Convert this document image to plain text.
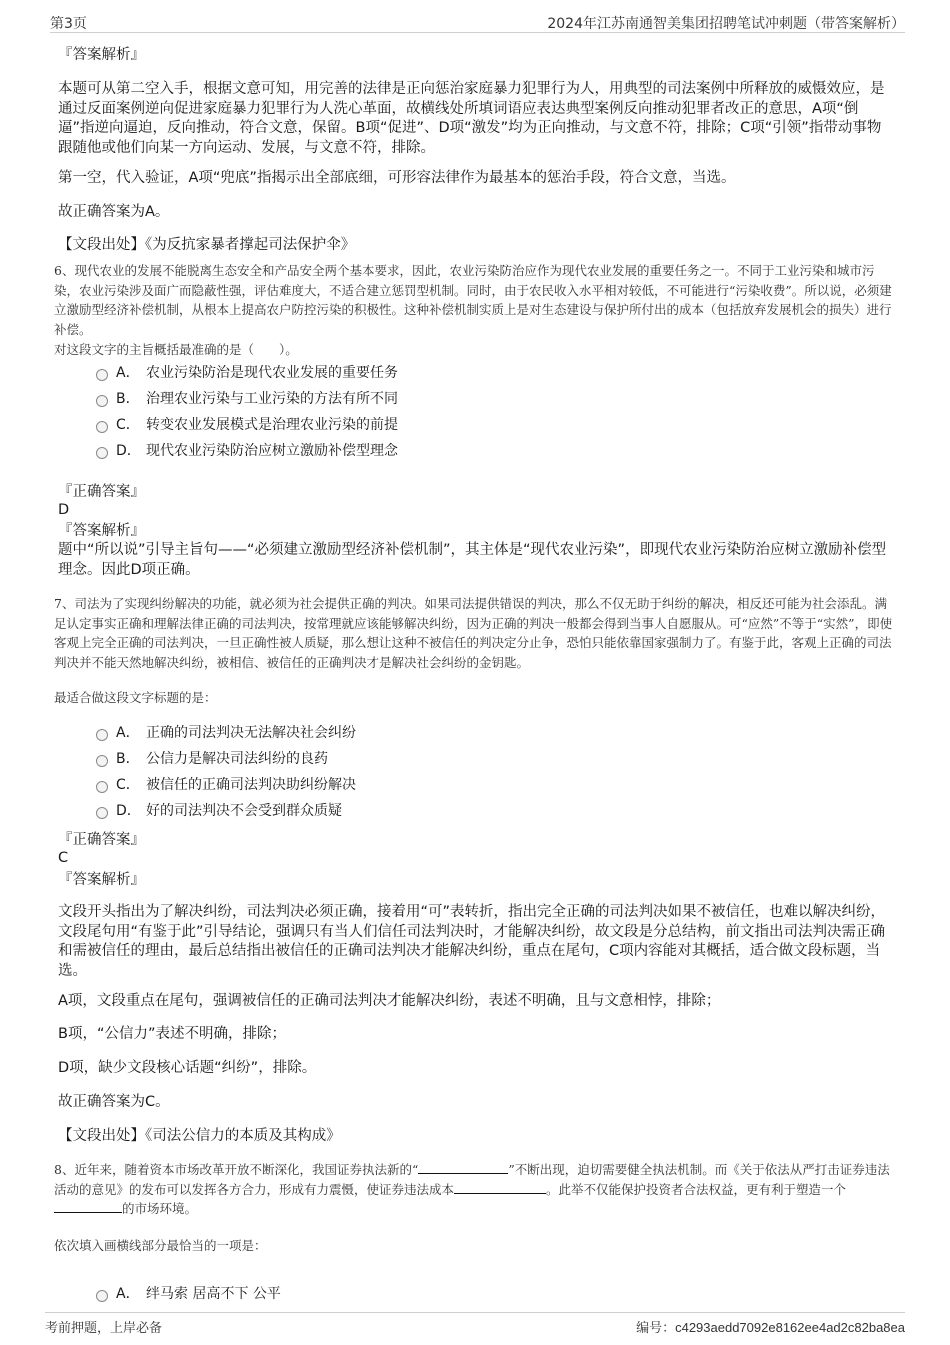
第3页	2024年江苏南通智美集团招聘笔试冲刺题（带答案解析）
『答案解析』
本题可从第二空入手，根据文意可知，用完善的法律是正向惩治家庭暴力犯罪行为人，用典型的司法案例中所释放的威慑效应，是通过反面案例逆向促进家庭暴力犯罪行为人洗心革面，故横线处所填词语应表达典型案例反向推动犯罪者改正的意思，A项“倒逼”指逆向逼迫，反向推动，符合文意，保留。B项“促进”、D项“激发”均为正向推动，与文意不符，排除；C项“引领”指带动事物跟随他或他们向某一方向运动、发展，与文意不符，排除。
第一空，代入验证，A项“兜底”指揭示出全部底细，可形容法律作为最基本的惩治手段，符合文意，当选。
故正确答案为A。
【文段出处】《为反抗家暴者撑起司法保护伞》
6、现代农业的发展不能脱离生态安全和产品安全两个基本要求，因此，农业污染防治应作为现代农业发展的重要任务之一。不同于工业污染和城市污染，农业污染涉及面广而隐蔽性强，评估难度大，不适合建立惩罚型机制。同时，由于农民收入水平相对较低，不可能进行“污染收费”。所以说，必须建立激励型经济补偿机制，从根本上提高农户防控污染的积极性。这种补偿机制实质上是对生态建设与保护所付出的成本（包括放弃发展机会的损失）进行补偿。
对这段文字的主旨概括最准确的是（　　）。
A． 农业污染防治是现代农业发展的重要任务
B． 治理农业污染与工业污染的方法有所不同
C． 转变农业发展模式是治理农业污染的前提
D． 现代农业污染防治应树立激励补偿型理念
『正确答案』
D
『答案解析』
题中“所以说”引导主旨句——“必须建立激励型经济补偿机制”，其主体是“现代农业污染”，即现代农业污染防治应树立激励补偿型理念。因此D项正确。
7、司法为了实现纠纷解决的功能，就必须为社会提供正确的判决。如果司法提供错误的判决，那么不仅无助于纠纷的解决，相反还可能为社会添乱。满足认定事实正确和理解法律正确的司法判决，按常理就应该能够解决纠纷，因为正确的判决一般都会得到当事人自愿服从。可“应然”不等于“实然”，即使客观上完全正确的司法判决，一旦正确性被人质疑，那么想让这种不被信任的判决定分止争，恐怕只能依靠国家强制力了。有鉴于此，客观上正确的司法判决并不能天然地解决纠纷，被相信、被信任的正确判决才是解决社会纠纷的金钥匙。
最适合做这段文字标题的是：
A． 正确的司法判决无法解决社会纠纷
B． 公信力是解决司法纠纷的良药
C． 被信任的正确司法判决助纠纷解决
D． 好的司法判决不会受到群众质疑
『正确答案』
C
『答案解析』
文段开头指出为了解决纠纷，司法判决必须正确，接着用“可”表转折，指出完全正确的司法判决如果不被信任，也难以解决纠纷，文段尾句用“有鉴于此”引导结论，强调只有当人们信任司法判决时，才能解决纠纷，故文段是分总结构，前文指出司法判决需正确和需被信任的理由，最后总结指出被信任的正确司法判决才能解决纠纷，重点在尾句，C项内容能对其概括，适合做文段标题，当选。
A项，文段重点在尾句，强调被信任的正确司法判决才能解决纠纷，表述不明确，且与文意相悖，排除；
B项，“公信力”表述不明确，排除；
D项，缺少文段核心话题“纠纷”，排除。
故正确答案为C。
【文段出处】《司法公信力的本质及其构成》
8、近年来，随着资本市场改革开放不断深化，我国证券执法新的“	”不断出现，迫切需要健全执法机制。而《关于依法从严打击证券违法活动的意见》的发布可以发挥各方合力，形成有力震慑，使证券违法成本	。此举不仅能保护投资者合法权益，更有利于塑造一个的市场环境。
依次填入画横线部分最恰当的一项是：
A． 绊马索 居高不下 公平
考前押题，上岸必备	编号：c4293aedd7092e8162ee4ad2c82ba8ea
